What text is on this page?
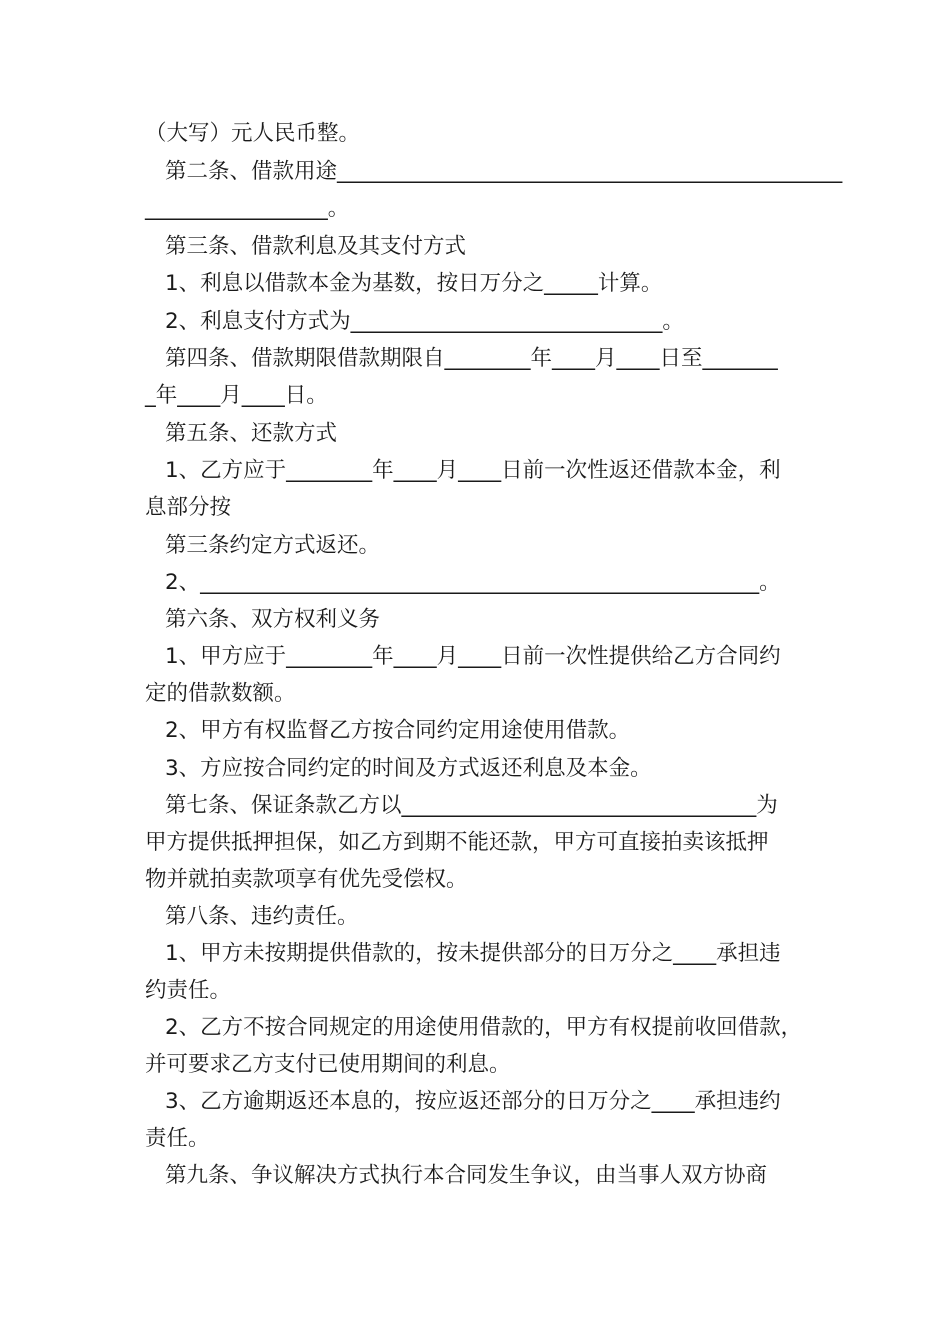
（大写）元人民币整。
第二条、借款用途_______________________________________________
_________________。
第三条、借款利息及其支付方式
1、利息以借款本金为基数，按日万分之_____计算。
2、利息支付方式为_____________________________。
第四条、借款期限借款期限自________年____月____日至_______
_年____月____日。
第五条、还款方式
1、乙方应于________年____月____日前一次性返还借款本金，利
息部分按
第三条约定方式返还。
2、____________________________________________________。
第六条、双方权利义务
1、甲方应于________年____月____日前一次性提供给乙方合同约
定的借款数额。
2、甲方有权监督乙方按合同约定用途使用借款。
3、方应按合同约定的时间及方式返还利息及本金。
第七条、保证条款乙方以_________________________________为
甲方提供抵押担保，如乙方到期不能还款，甲方可直接拍卖该抵押
物并就拍卖款项享有优先受偿权。
第八条、违约责任。
1、甲方未按期提供借款的，按未提供部分的日万分之____承担违
约责任。
2、乙方不按合同规定的用途使用借款的，甲方有权提前收回借款，
并可要求乙方支付已使用期间的利息。
3、乙方逾期返还本息的，按应返还部分的日万分之____承担违约
责任。
第九条、争议解决方式执行本合同发生争议，由当事人双方协商
